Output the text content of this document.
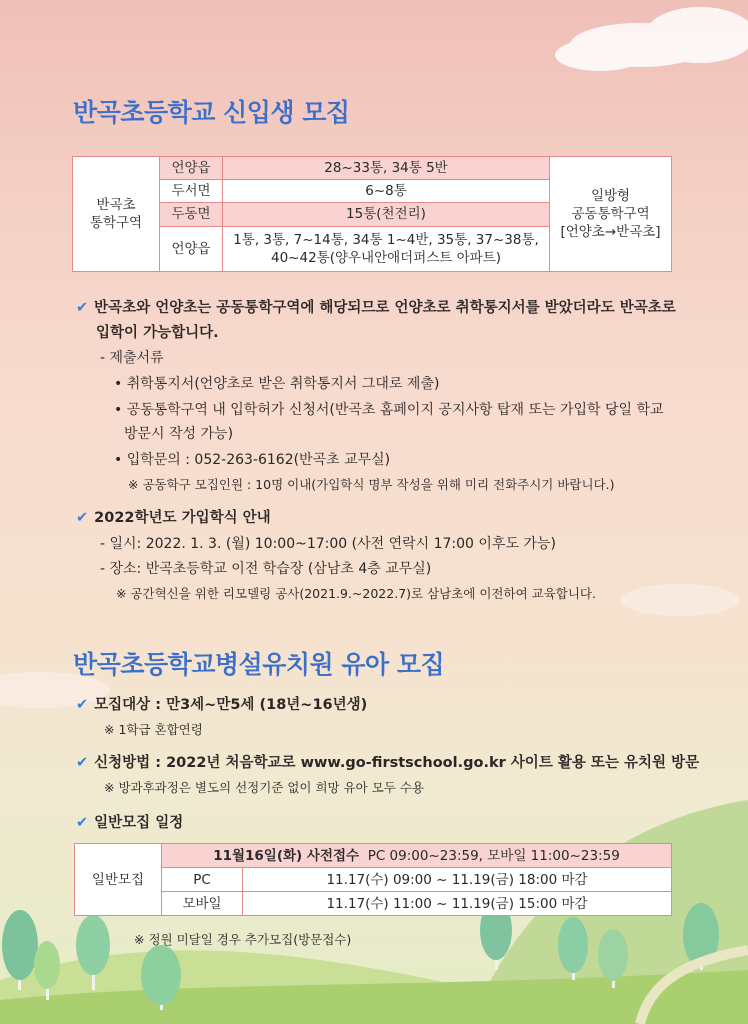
반곡초등학교 신입생 모집
반곡초
통학구역	언양읍	28~33통, 34통 5반	일방형
공동통학구역
[언양초→반곡초]
	두서면	6~8통	
	두동면	15통(천전리)	
	언양읍	1통, 3통, 7~14통, 34통 1~4반, 35통, 37~38통,
40~42통(양우내안애더퍼스트 아파트)	
✔ 반곡초와 언양초는 공동통학구역에 해당되므로 언양초로 취학통지서를 받았더라도 반곡초로
입학이 가능합니다.
- 제출서류
• 취학통지서(언양초로 받은 취학통지서 그대로 제출)
• 공동통학구역 내 입학허가 신청서(반곡초 홈페이지 공지사항 탑재 또는 가입학 당일 학교
방문시 작성 가능)
• 입학문의 : 052-263-6162(반곡초 교무실)
※ 공동학구 모집인원 : 10명 이내(가입학식 명부 작성을 위해 미리 전화주시기 바랍니다.)
✔ 2022학년도 가입학식 안내
- 일시: 2022. 1. 3. (월) 10:00~17:00 (사전 연락시 17:00 이후도 가능)
- 장소: 반곡초등학교 이전 학습장 (삼남초 4층 교무실)
※ 공간혁신을 위한 리모델링 공사(2021.9.~2022.7)로 삼남초에 이전하여 교육합니다.
반곡초등학교병설유치원 유아 모집
✔ 모집대상 : 만3세~만5세 (18년~16년생)
※ 1학급 혼합연령
✔ 신청방법 : 2022년 처음학교로 www.go-firstschool.go.kr 사이트 활용 또는 유치원 방문
※ 방과후과정은 별도의 선정기준 없이 희망 유아 모두 수용
✔ 일반모집 일정
일반모집	11월16일(화) 사전접수 PC 09:00~23:59, 모바일 11:00~23:59	
	PC	11.17(수) 09:00 ~ 11.19(금) 18:00 마감
	모바일	11.17(수) 11:00 ~ 11.19(금) 15:00 마감
※ 정원 미달일 경우 추가모집(방문접수)
